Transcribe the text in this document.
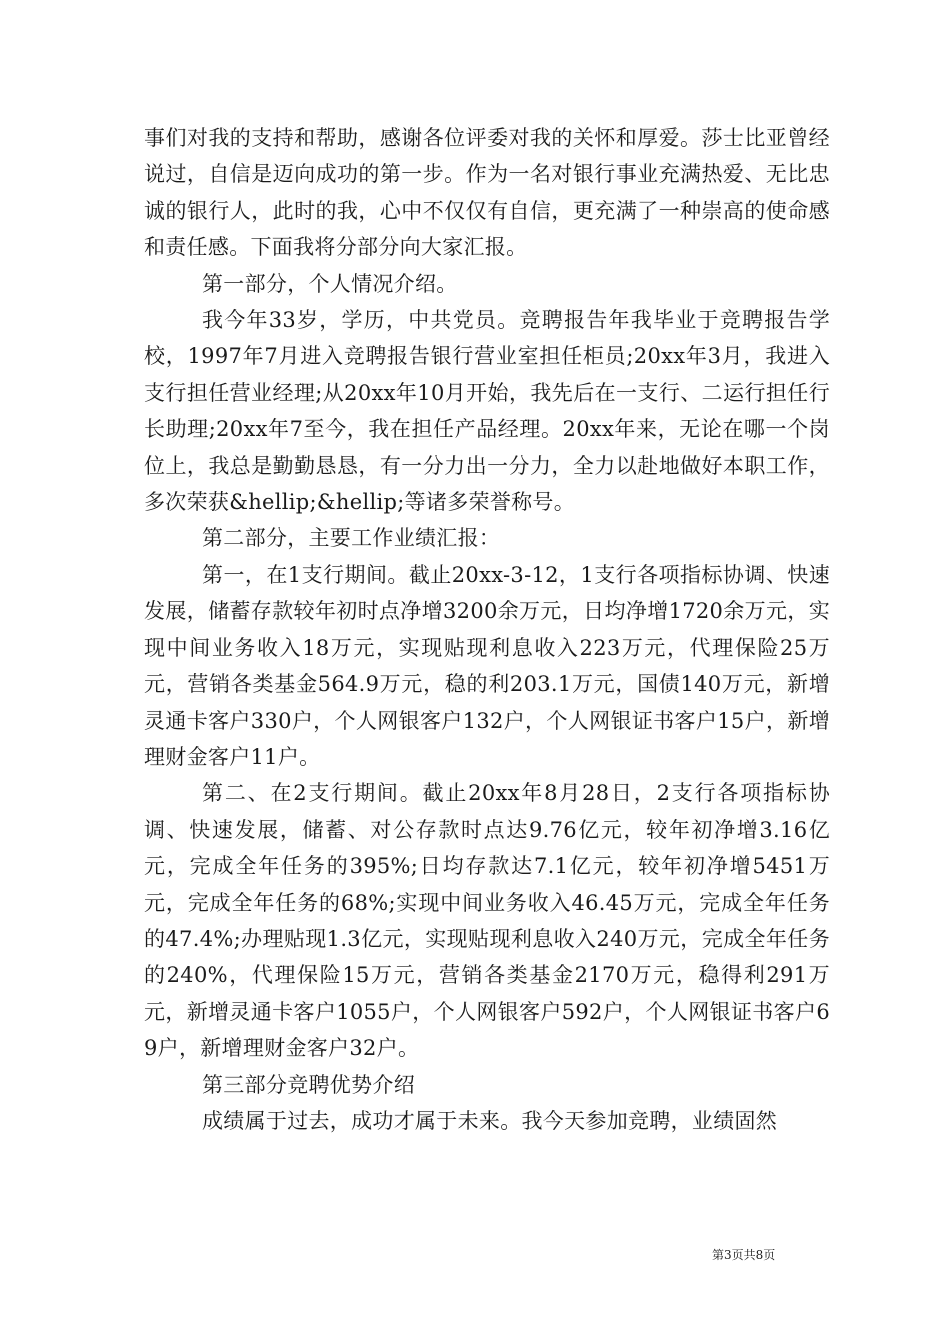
事们对我的支持和帮助，感谢各位评委对我的关怀和厚爱。莎士比亚曾经说过，自信是迈向成功的第一步。作为一名对银行事业充满热爱、无比忠诚的银行人，此时的我，心中不仅仅有自信，更充满了一种崇高的使命感和责任感。下面我将分部分向大家汇报。

第一部分，个人情况介绍。

我今年33岁，学历，中共党员。竞聘报告年我毕业于竞聘报告学校，1997年7月进入竞聘报告银行营业室担任柜员;20xx年3月，我进入支行担任营业经理;从20xx年10月开始，我先后在一支行、二运行担任行长助理;20xx年7至今，我在担任产品经理。20xx年来，无论在哪一个岗位上，我总是勤勤恳恳，有一分力出一分力，全力以赴地做好本职工作，多次荣获&hellip;&hellip;等诸多荣誉称号。

第二部分，主要工作业绩汇报：

第一，在1支行期间。截止20xx-3-12，1支行各项指标协调、快速发展，储蓄存款较年初时点净增3200余万元，日均净增1720余万元，实现中间业务收入18万元，实现贴现利息收入223万元，代理保险25万元，营销各类基金564.9万元，稳的利203.1万元，国债140万元，新增灵通卡客户330户，个人网银客户132户，个人网银证书客户15户，新增理财金客户11户。

第二、在2支行期间。截止20xx年8月28日，2支行各项指标协调、快速发展，储蓄、对公存款时点达9.76亿元，较年初净增3.16亿元，完成全年任务的395%;日均存款达7.1亿元，较年初净增5451万元，完成全年任务的68%;实现中间业务收入46.45万元，完成全年任务的47.4%;办理贴现1.3亿元，实现贴现利息收入240万元，完成全年任务的240%，代理保险15万元，营销各类基金2170万元，稳得利291万元，新增灵通卡客户1055户，个人网银客户592户，个人网银证书客户69户，新增理财金客户32户。

第三部分竞聘优势介绍

成绩属于过去，成功才属于未来。我今天参加竞聘，业绩固然

第3页共8页
